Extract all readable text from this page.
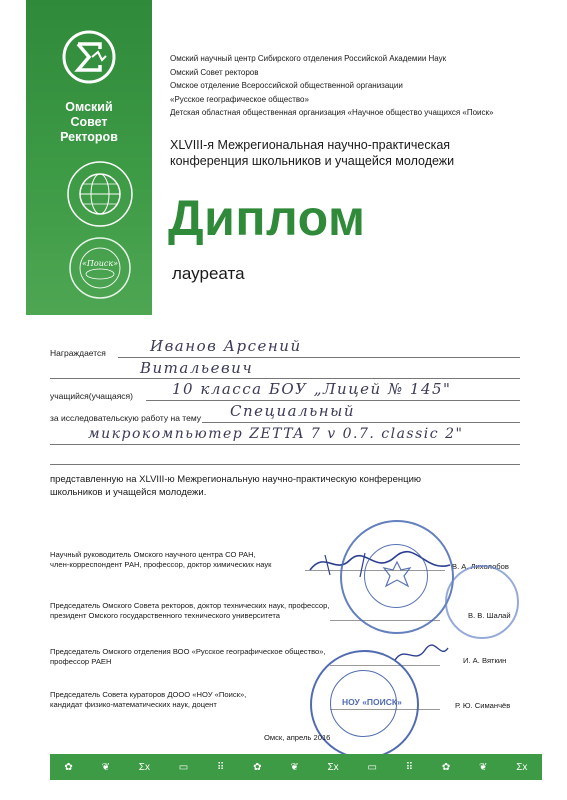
Омский
Совет
Ректоров
«Поиск»
Омский научный центр Сибирского отделения Российской Академии Наук
Омский Совет ректоров
Омское отделение Всероссийской общественной организации
«Русское географическое общество»
Детская областная общественная организация «Научное общество учащихся «Поиск»
XLVIII-я Межрегиональная научно-практическая
конференция школьников и учащейся молодежи
Диплом
лауреата
Награждается	Иванов Арсений
Витальевич
учащийся(учащаяся)	10 класса БОУ „Лицей № 145"
за исследовательскую работу на тему Специальный
микрокомпьютер ZETTA 7 v 0.7. classic 2"
представленную на XLVIII-ю Межрегиональную научно-практическую конференцию
школьников и учащейся молодежи.
Научный руководитель Омского научного центра СО РАН,
член-корреспондент РАН, профессор, доктор химических наук	В. А. Лихолобов
Председатель Омского Совета ректоров, доктор технических наук, профессор,
президент Омского государственного технического университета	В. В. Шалай
Председатель Омского отделения ВОО «Русское географическое общество»,
профессор РАЕН	И. А. Вяткин
Председатель Совета кураторов ДООО «НОУ «Поиск»,
кандидат физико-математических наук, доцент	Р. Ю. Симанчёв
НОУ «ПОИСК»
Омск, апрель 2016
✿	❦	Σx	▭	⠿	✿	❦	Σx	▭	⠿	✿	❦	Σx
